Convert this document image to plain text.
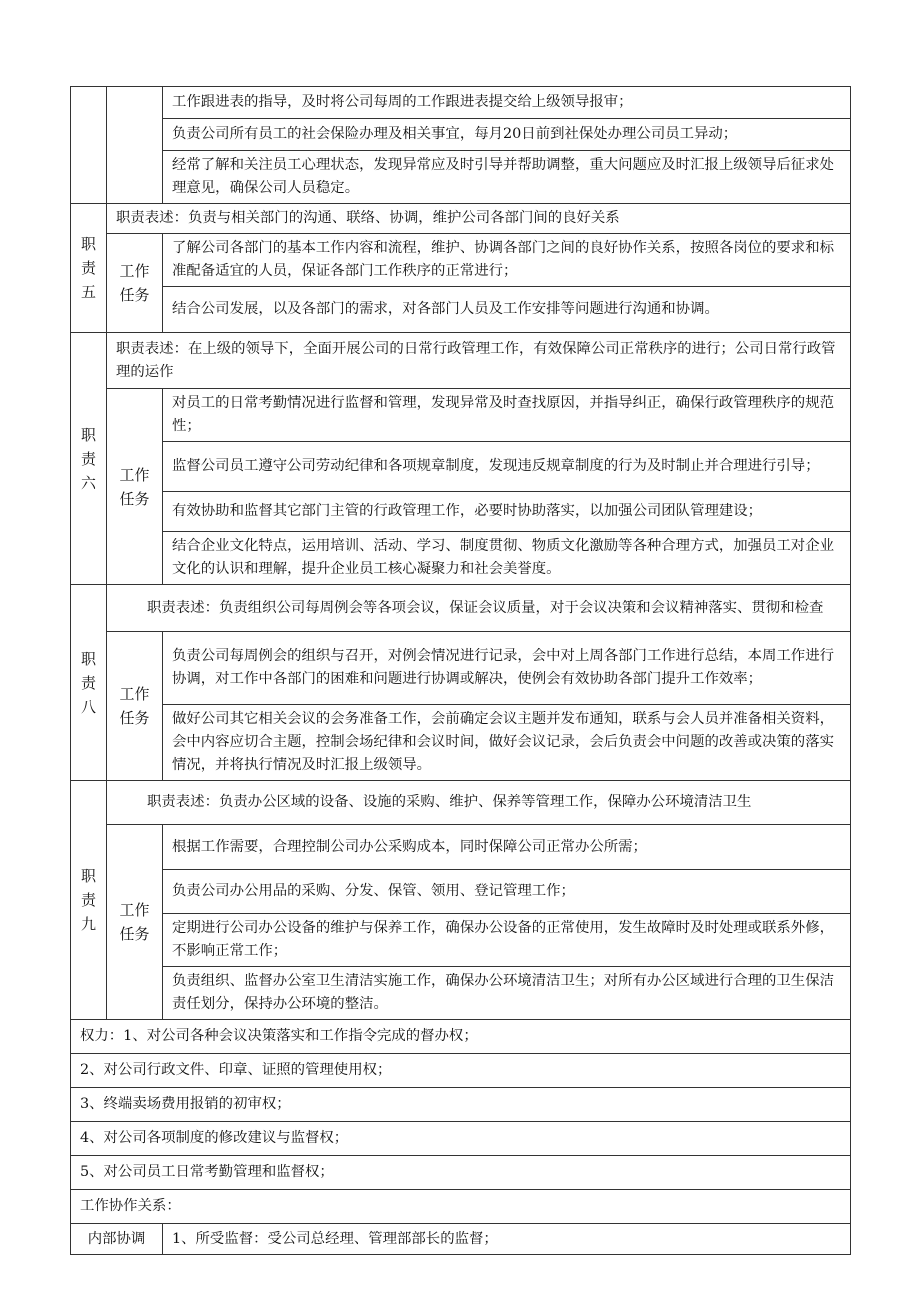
		工作跟进表的指导，及时将公司每周的工作跟进表提交给上级领导报审；
		负责公司所有员工的社会保险办理及相关事宜，每月20日前到社保处办理公司员工异动；
		经常了解和关注员工心理状态，发现异常应及时引导并帮助调整，重大问题应及时汇报上级领导后征求处理意见，确保公司人员稳定。

职
责
五	职责表述：负责与相关部门的沟通、联络、协调，维护公司各部门间的良好关系	

	工作
任务	了解公司各部门的基本工作内容和流程，维护、协调各部门之间的良好协作关系，按照各岗位的要求和标准配备适宜的人员，保证各部门工作秩序的正常进行；
		结合公司发展，以及各部门的需求，对各部门人员及工作安排等问题进行沟通和协调。

职
责
六	职责表述：在上级的领导下，全面开展公司的日常行政管理工作，有效保障公司正常秩序的进行；公司日常行政管理的运作	

	工作
任务	对员工的日常考勤情况进行监督和管理，发现异常及时查找原因，并指导纠正，确保行政管理秩序的规范性；
		监督公司员工遵守公司劳动纪律和各项规章制度，发现违反规章制度的行为及时制止并合理进行引导；
		有效协助和监督其它部门主管的行政管理工作，必要时协助落实，以加强公司团队管理建设；
		结合企业文化特点，运用培训、活动、学习、制度贯彻、物质文化激励等各种合理方式，加强员工对企业文化的认识和理解，提升企业员工核心凝聚力和社会美誉度。

职
责
八	职责表述：负责组织公司每周例会等各项会议，保证会议质量，对于会议决策和会议精神落实、贯彻和检查	

	工作
任务	负责公司每周例会的组织与召开，对例会情况进行记录，会中对上周各部门工作进行总结，本周工作进行协调，对工作中各部门的困难和问题进行协调或解决，使例会有效协助各部门提升工作效率；
		做好公司其它相关会议的会务准备工作，会前确定会议主题并发布通知，联系与会人员并准备相关资料，会中内容应切合主题，控制会场纪律和会议时间，做好会议记录，会后负责会中问题的改善或决策的落实情况，并将执行情况及时汇报上级领导。

职
责
九	职责表述：负责办公区域的设备、设施的采购、维护、保养等管理工作，保障办公环境清洁卫生	

	工作
任务	根据工作需要，合理控制公司办公采购成本，同时保障公司正常办公所需；
		负责公司办公用品的采购、分发、保管、领用、登记管理工作；
		定期进行公司办公设备的维护与保养工作，确保办公设备的正常使用，发生故障时及时处理或联系外修，不影响正常工作；
		负责组织、监督办公室卫生清洁实施工作，确保办公环境清洁卫生；对所有办公区域进行合理的卫生保洁责任划分，保持办公环境的整洁。
权力：1、对公司各种会议决策落实和工作指令完成的督办权；		
2、对公司行政文件、印章、证照的管理使用权；		
3、终端卖场费用报销的初审权；		
4、对公司各项制度的修改建议与监督权；		
5、对公司员工日常考勤管理和监督权；		
工作协作关系：		
内部协调		1、所受监督：受公司总经理、管理部部长的监督；
